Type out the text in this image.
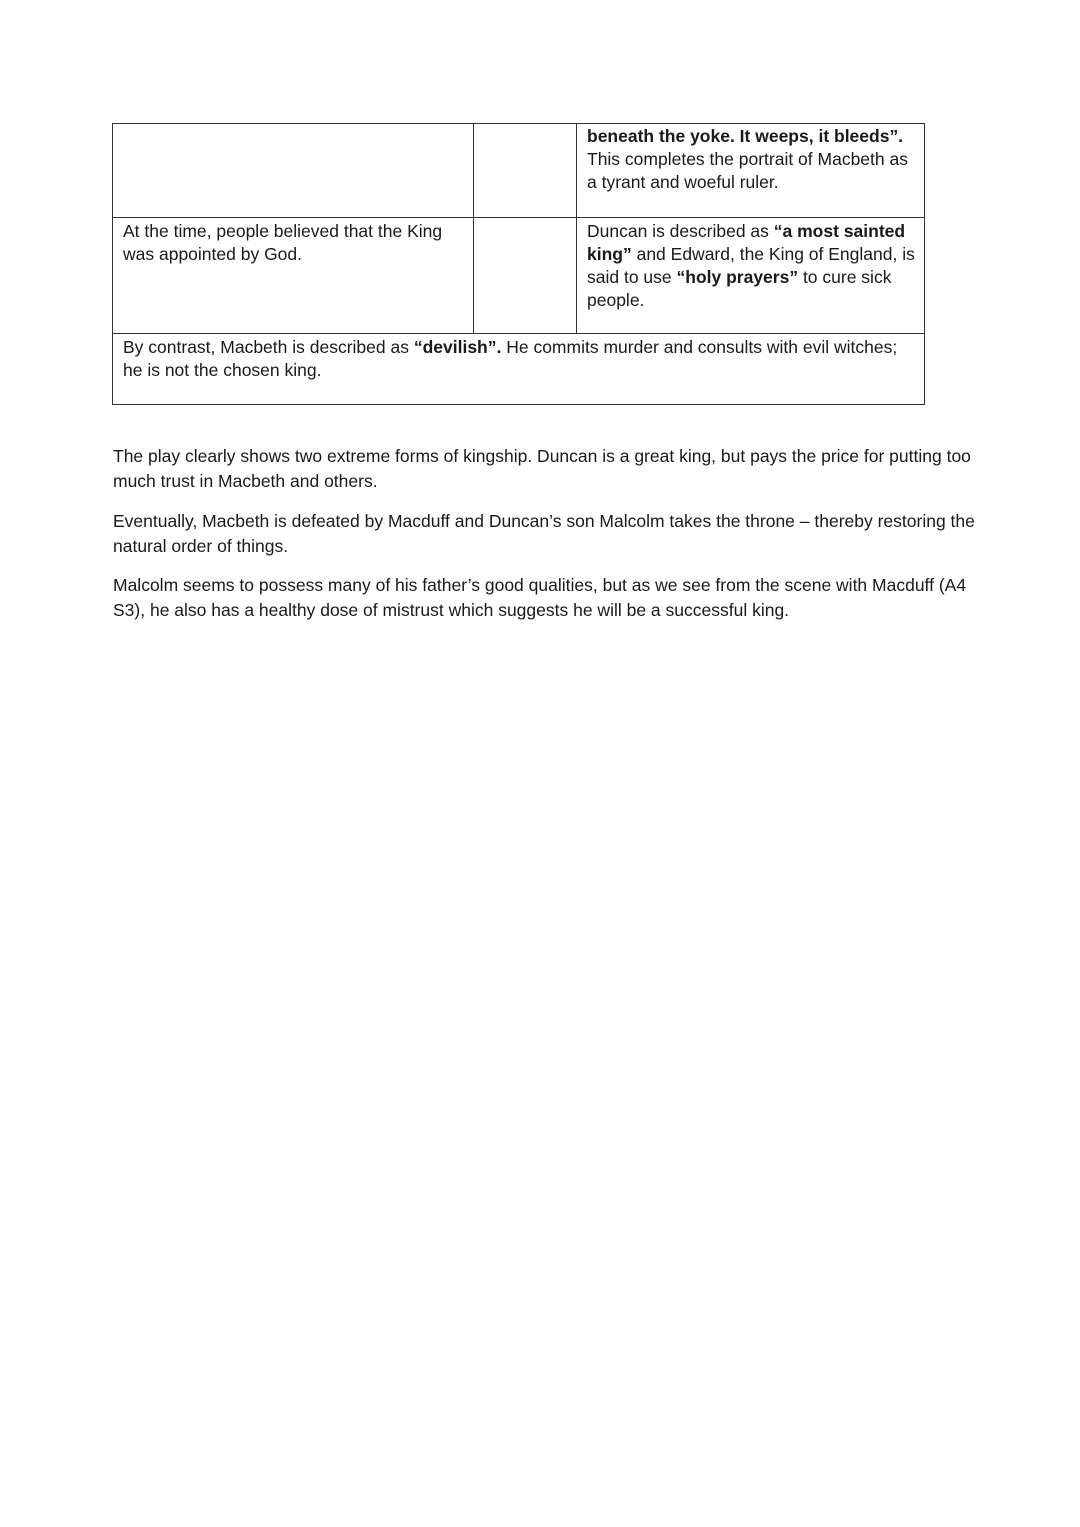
		beneath the yoke. It weeps, it bleeds”. This completes the portrait of Macbeth as a tyrant and woeful ruler.
At the time, people believed that the King was appointed by God.		Duncan is described as “a most sainted king” and Edward, the King of England, is said to use “holy prayers” to cure sick people.
By contrast, Macbeth is described as “devilish”. He commits murder and consults with evil witches; he is not the chosen king.		

The play clearly shows two extreme forms of kingship. Duncan is a great king, but pays the price for putting too much trust in Macbeth and others.

Eventually, Macbeth is defeated by Macduff and Duncan’s son Malcolm takes the throne – thereby restoring the natural order of things.

Malcolm seems to possess many of his father’s good qualities, but as we see from the scene with Macduff (A4 S3), he also has a healthy dose of mistrust which suggests he will be a successful king.
